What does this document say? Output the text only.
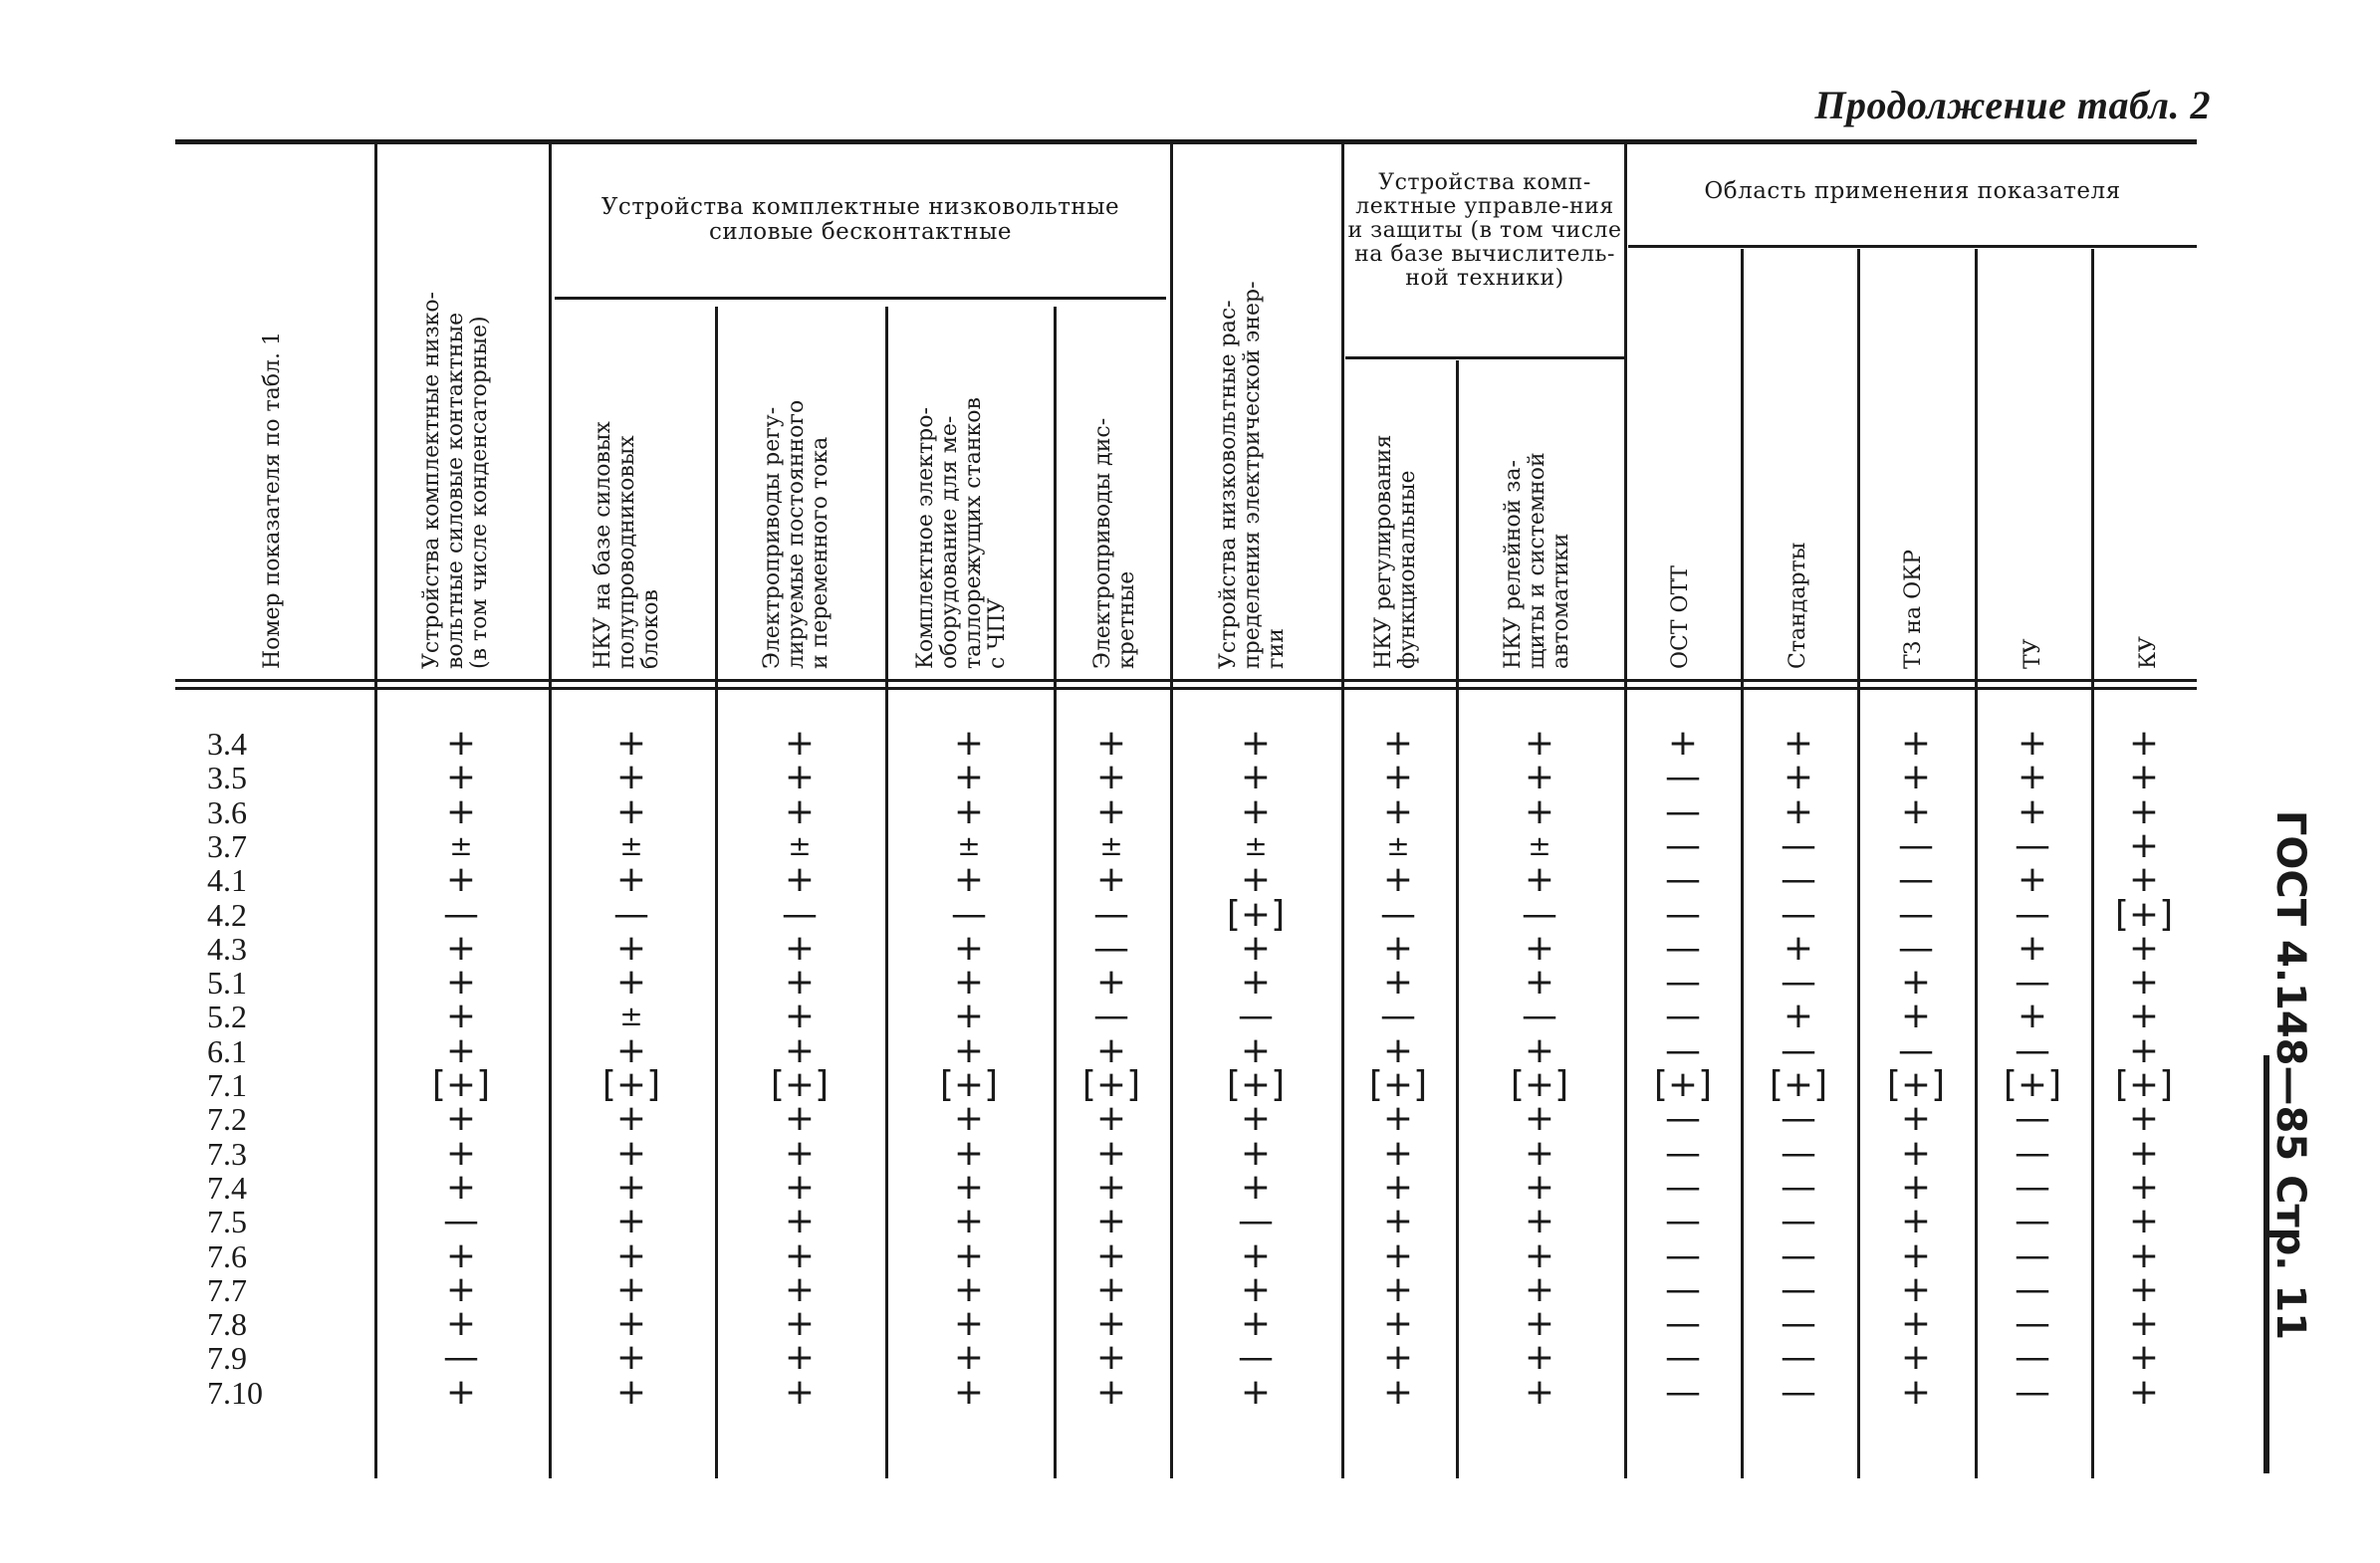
Продолжение табл. 2
ГОСТ 4.148—85 Стр. 11
Устройства комплектные низковольтные силовые бесконтактные
Устройства комп-лектные управле-ния и защиты (в том числе на базе вычислитель-ной техники)
Область применения показателя
Номер показателя по табл. 1	Устройства комплектные низко-
вольтные силовые контактные
(в том числе конденсаторные)
НКУ на базе силовых
полупроводниковых
блоков	Электроприводы регу-
лируемые постоянного
и переменного тока
Комплектное электро-
оборудование для ме-
таллорежущих станков
с ЧПУ	Электроприводы дис-
кретные	Устройства низковольтные рас-
пределения электрической энер-
гии	НКУ регулирования
функциональные	НКУ релейной за-
щиты и системной
автоматики	ОСТ ОТТ	Стандарты	ТЗ на ОКР	ТУ	КУ
3.4	+	+	+	+	+	+	+	+	+	+	+	+	+
3.5	+	+	+	+	+	+	+	+	—	+	+	+	+
3.6	+	+	+	+	+	+	+	+	—	+	+	+	+
3.7	±	±	±	±	±	±	±	±	—	—	—	—	+
4.1	+	+	+	+	+	+	+	+	—	—	—	+	+
4.2	—	—	—	—	—	[+]	—	—	—	—	—	—	[+]
4.3	+	+	+	+	—	+	+	+	—	+	—	+	+
5.1	+	+	+	+	+	+	+	+	—	—	+	—	+
5.2	+	±	+	+	—	—	—	—	—	+	+	+	+
6.1	+	+	+	+	+	+	+	+	—	—	—	—	+
7.1	[+]	[+]	[+]	[+]	[+]	[+]	[+]	[+]	[+]	[+]	[+]	[+]	[+]
7.2	+	+	+	+	+	+	+	+	—	—	+	—	+
7.3	+	+	+	+	+	+	+	+	—	—	+	—	+
7.4	+	+	+	+	+	+	+	+	—	—	+	—	+
7.5	—	+	+	+	+	—	+	+	—	—	+	—	+
7.6	+	+	+	+	+	+	+	+	—	—	+	—	+
7.7	+	+	+	+	+	+	+	+	—	—	+	—	+
7.8	+	+	+	+	+	+	+	+	—	—	+	—	+
7.9	—	+	+	+	+	—	+	+	—	—	+	—	+
7.10	+	+	+	+	+	+	+	+	—	—	+	—	+
